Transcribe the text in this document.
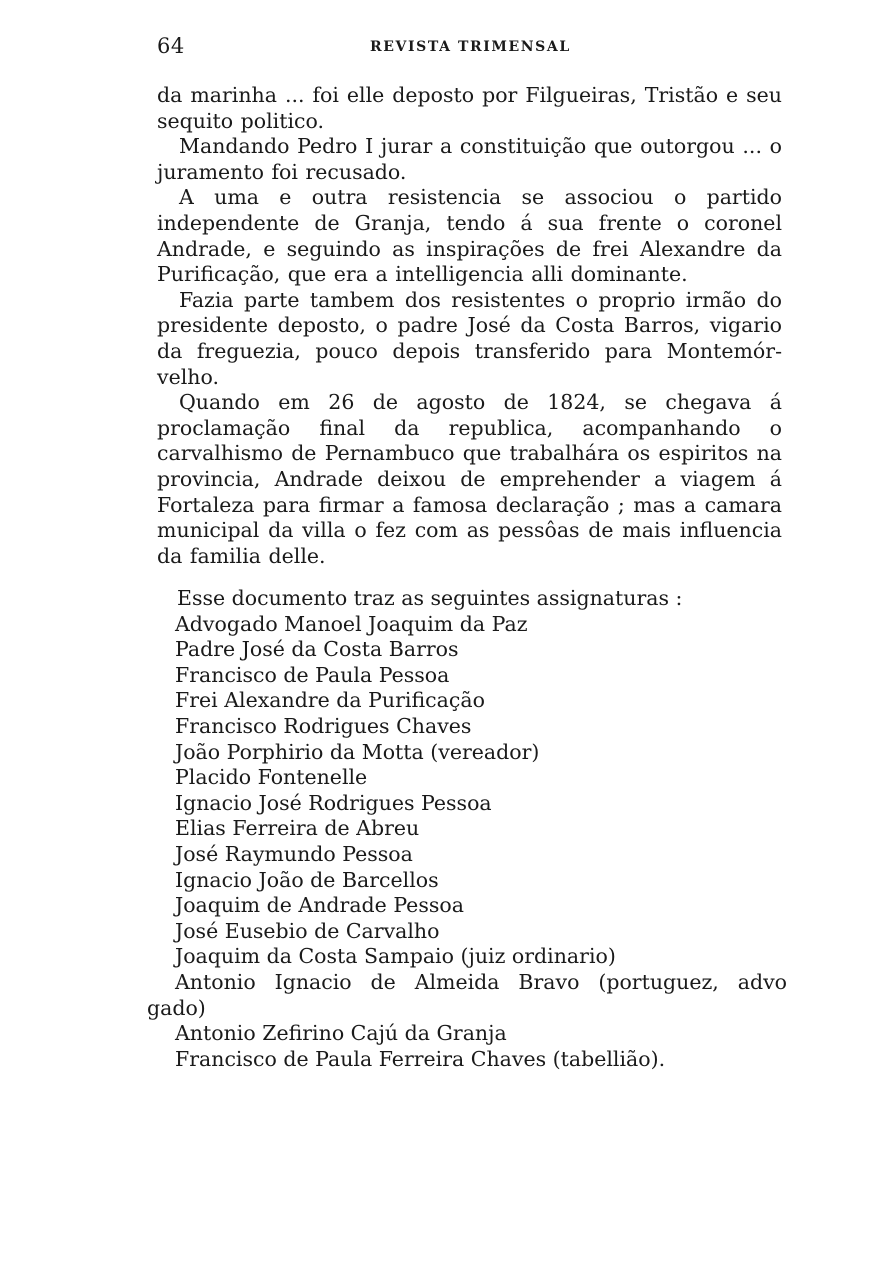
64	REVISTA TRIMENSAL

da marinha ... foi elle deposto por Filgueiras, Tristão e seu sequito politico.

Mandando Pedro I jurar a constituição que outorgou ... o juramento foi recusado.

A uma e outra resistencia se associou o partido independente de Granja, tendo á sua frente o coronel Andrade, e seguindo as inspirações de frei Alexandre da Purificação, que era a intelligencia alli dominante.

Fazia parte tambem dos resistentes o proprio irmão do presidente deposto, o padre José da Costa Barros, vigario da freguezia, pouco depois transferido para Montemór-velho.

Quando em 26 de agosto de 1824, se chegava á proclamação final da republica, acompanhando o carvalhismo de Pernambuco que trabalhára os espiritos na provincia, Andrade deixou de emprehender a viagem á Fortaleza para firmar a famosa declaração ; mas a camara municipal da villa o fez com as pessôas de mais influencia da familia delle.

Esse documento traz as seguintes assignaturas :

Advogado Manoel Joaquim da Paz
Padre José da Costa Barros
Francisco de Paula Pessoa
Frei Alexandre da Purificação
Francisco Rodrigues Chaves
João Porphirio da Motta (vereador)
Placido Fontenelle
Ignacio José Rodrigues Pessoa
Elias Ferreira de Abreu
José Raymundo Pessoa
Ignacio João de Barcellos
Joaquim de Andrade Pessoa
José Eusebio de Carvalho
Joaquim da Costa Sampaio (juiz ordinario)
Antonio Ignacio de Almeida Bravo (portuguez, advo
gado)
Antonio Zefirino Cajú da Granja
Francisco de Paula Ferreira Chaves (tabellião).
